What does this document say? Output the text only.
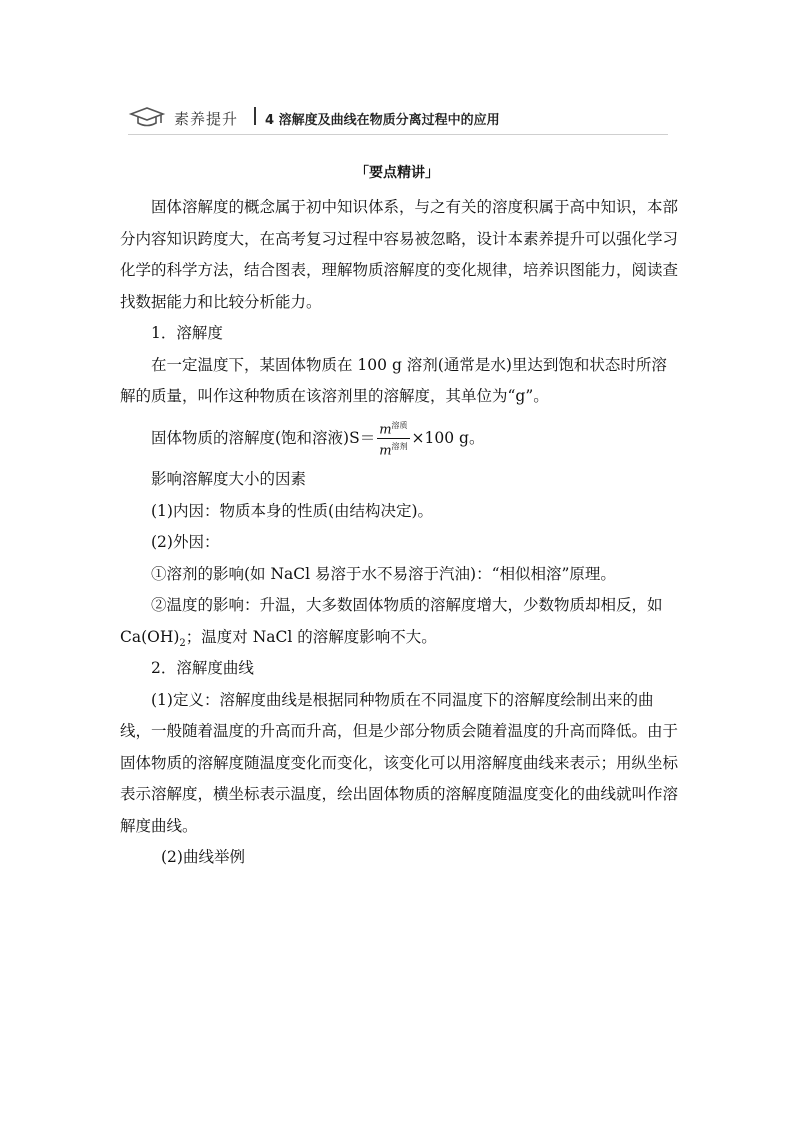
素养提升 4 溶解度及曲线在物质分离过程中的应用
「要点精讲」

固体溶解度的概念属于初中知识体系，与之有关的溶度积属于高中知识，本部分内容知识跨度大，在高考复习过程中容易被忽略，设计本素养提升可以强化学习化学的科学方法，结合图表，理解物质溶解度的变化规律，培养识图能力，阅读查找数据能力和比较分析能力。

1．溶解度

在一定温度下，某固体物质在 100 g 溶剂(通常是水)里达到饱和状态时所溶解的质量，叫作这种物质在该溶剂里的溶解度，其单位为“g”。

固体物质的溶解度(饱和溶液)$S= \frac{m_{溶质}}{m_{溶剂}} \times 100$ g。

影响溶解度大小的因素

(1)内因：物质本身的性质(由结构决定)。

(2)外因：

①溶剂的影响(如 NaCl 易溶于水不易溶于汽油)：“相似相溶”原理。

②温度的影响：升温，大多数固体物质的溶解度增大，少数物质却相反，如 $Ca(OH)_2$；温度对 NaCl 的溶解度影响不大。

2．溶解度曲线

(1)定义：溶解度曲线是根据同种物质在不同温度下的溶解度绘制出来的曲线，一般随着温度的升高而升高，但是少部分物质会随着温度的升高而降低。由于固体物质的溶解度随温度变化而变化，该变化可以用溶解度曲线来表示；用纵坐标表示溶解度，横坐标表示温度，绘出固体物质的溶解度随温度变化的曲线就叫作溶解度曲线。

(2)曲线举例
